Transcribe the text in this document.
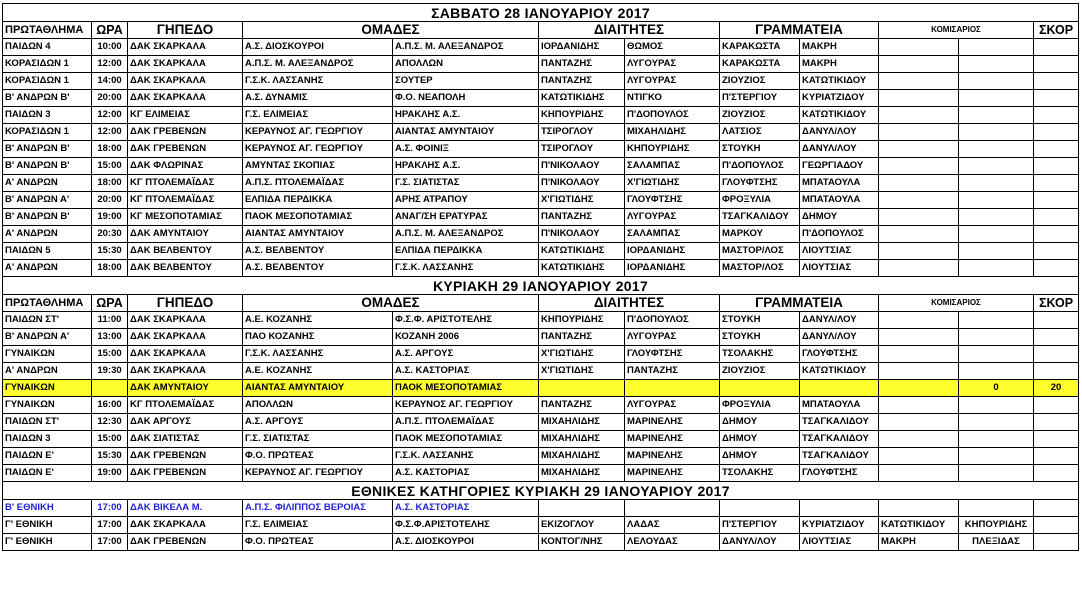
ΣΑΒΒΑΤΟ 28 ΙΑΝΟΥΑΡΙΟΥ 2017											
ΠΡΩΤΑΘΛΗΜΑ	ΩΡΑ	ΓΗΠΕΔΟ	ΟΜΑΔΕΣ		ΔΙΑΙΤΗΤΕΣ		ΓΡΑΜΜΑΤΕΙΑ		ΚΟΜΙΣΑΡΙΟΣ		ΣΚΟΡ
ΠΑΙΔΩΝ 4	10:00	ΔΑΚ ΣΚΑΡΚΑΛΑ	Α.Σ. ΔΙΟΣΚΟΥΡΟΙ	Α.Π.Σ. Μ. ΑΛΕΞΑΝΔΡΟΣ	ΙΟΡΔΑΝΙΔΗΣ	ΘΩΜΟΣ	ΚΑΡΑΚΩΣΤΑ	ΜΑΚΡΗ			
ΚΟΡΑΣΙΔΩΝ 1	12:00	ΔΑΚ ΣΚΑΡΚΑΛΑ	Α.Π.Σ. Μ. ΑΛΕΞΑΝΔΡΟΣ	ΑΠΟΛΛΩΝ	ΠΑΝΤΑΖΗΣ	ΛΥΓΟΥΡΑΣ	ΚΑΡΑΚΩΣΤΑ	ΜΑΚΡΗ			
ΚΟΡΑΣΙΔΩΝ 1	14:00	ΔΑΚ ΣΚΑΡΚΑΛΑ	Γ.Σ.Κ. ΛΑΣΣΑΝΗΣ	ΣΟΥΤΕΡ	ΠΑΝΤΑΖΗΣ	ΛΥΓΟΥΡΑΣ	ΖΙΟΥΖΙΟΣ	ΚΑΤΩΤΙΚΙΔΟΥ			
Β' ΑΝΔΡΩΝ Β'	20:00	ΔΑΚ ΣΚΑΡΚΑΛΑ	Α.Σ. ΔΥΝΑΜΙΣ	Φ.Ο. ΝΕΑΠΟΛΗ	ΚΑΤΩΤΙΚΙΔΗΣ	ΝΤΙΓΚΟ	Π'ΣΤΕΡΓΙΟΥ	ΚΥΡΙΑΤΖΙΔΟΥ			
ΠΑΙΔΩΝ 3	12:00	ΚΓ ΕΛΙΜΕΙΑΣ	Γ.Σ. ΕΛΙΜΕΙΑΣ	ΗΡΑΚΛΗΣ Α.Σ.	ΚΗΠΟΥΡΙΔΗΣ	Π'ΔΟΠΟΥΛΟΣ	ΖΙΟΥΖΙΟΣ	ΚΑΤΩΤΙΚΙΔΟΥ			
ΚΟΡΑΣΙΔΩΝ 1	12:00	ΔΑΚ ΓΡΕΒΕΝΩΝ	ΚΕΡΑΥΝΟΣ ΑΓ. ΓΕΩΡΓΙΟΥ	ΑΙΑΝΤΑΣ ΑΜΥΝΤΑΙΟΥ	ΤΣΙΡΟΓΛΟΥ	ΜΙΧΑΗΛΙΔΗΣ	ΛΑΤΣΙΟΣ	ΔΑΝΥΛ/ΛΟΥ			
Β' ΑΝΔΡΩΝ Β'	18:00	ΔΑΚ ΓΡΕΒΕΝΩΝ	ΚΕΡΑΥΝΟΣ ΑΓ. ΓΕΩΡΓΙΟΥ	Α.Σ. ΦΟΙΝΙΞ	ΤΣΙΡΟΓΛΟΥ	ΚΗΠΟΥΡΙΔΗΣ	ΣΤΟΥΚΗ	ΔΑΝΥΛ/ΛΟΥ			
Β' ΑΝΔΡΩΝ Β'	15:00	ΔΑΚ ΦΛΩΡΙΝΑΣ	ΑΜΥΝΤΑΣ ΣΚΟΠΙΑΣ	ΗΡΑΚΛΗΣ Α.Σ.	Π'ΝΙΚΟΛΑΟΥ	ΣΑΛΑΜΠΑΣ	Π'ΔΟΠΟΥΛΟΣ	ΓΕΩΡΓΙΑΔΟΥ			
Α' ΑΝΔΡΩΝ	18:00	ΚΓ ΠΤΟΛΕΜΑΪΔΑΣ	Α.Π.Σ. ΠΤΟΛΕΜΑΪΔΑΣ	Γ.Σ. ΣΙΑΤΙΣΤΑΣ	Π'ΝΙΚΟΛΑΟΥ	Χ'ΓΙΩΤΙΔΗΣ	ΓΛΟΥΦΤΣΗΣ	ΜΠΑΤΑΟΥΛΑ			
Β' ΑΝΔΡΩΝ Α'	20:00	ΚΓ ΠΤΟΛΕΜΑΪΔΑΣ	ΕΛΠΙΔΑ ΠΕΡΔΙΚΚΑ	ΑΡΗΣ ΑΤΡΑΠΟΥ	Χ'ΓΙΩΤΙΔΗΣ	ΓΛΟΥΦΤΣΗΣ	ΦΡΟΞΥΛΙΑ	ΜΠΑΤΑΟΥΛΑ			
Β' ΑΝΔΡΩΝ Β'	19:00	ΚΓ ΜΕΣΟΠΟΤΑΜΙΑΣ	ΠΑΟΚ ΜΕΣΟΠΟΤΑΜΙΑΣ	ΑΝΑΓ/ΣΗ ΕΡΑΤΥΡΑΣ	ΠΑΝΤΑΖΗΣ	ΛΥΓΟΥΡΑΣ	ΤΣΑΓΚΑΛΙΔΟΥ	ΔΗΜΟΥ			
Α' ΑΝΔΡΩΝ	20:30	ΔΑΚ ΑΜΥΝΤΑΙΟΥ	ΑΙΑΝΤΑΣ ΑΜΥΝΤΑΙΟΥ	Α.Π.Σ. Μ. ΑΛΕΞΑΝΔΡΟΣ	Π'ΝΙΚΟΛΑΟΥ	ΣΑΛΑΜΠΑΣ	ΜΑΡΚΟΥ	Π'ΔΟΠΟΥΛΟΣ			
ΠΑΙΔΩΝ 5	15:30	ΔΑΚ ΒΕΛΒΕΝΤΟΥ	Α.Σ. ΒΕΛΒΕΝΤΟΥ	ΕΛΠΙΔΑ ΠΕΡΔΙΚΚΑ	ΚΑΤΩΤΙΚΙΔΗΣ	ΙΟΡΔΑΝΙΔΗΣ	ΜΑΣΤΟΡ/ΛΟΣ	ΛΙΟΥΤΣΙΑΣ			
Α' ΑΝΔΡΩΝ	18:00	ΔΑΚ ΒΕΛΒΕΝΤΟΥ	Α.Σ. ΒΕΛΒΕΝΤΟΥ	Γ.Σ.Κ. ΛΑΣΣΑΝΗΣ	ΚΑΤΩΤΙΚΙΔΗΣ	ΙΟΡΔΑΝΙΔΗΣ	ΜΑΣΤΟΡ/ΛΟΣ	ΛΙΟΥΤΣΙΑΣ			
ΚΥΡΙΑΚΗ 29 ΙΑΝΟΥΑΡΙΟΥ 2017											
ΠΡΩΤΑΘΛΗΜΑ	ΩΡΑ	ΓΗΠΕΔΟ	ΟΜΑΔΕΣ		ΔΙΑΙΤΗΤΕΣ		ΓΡΑΜΜΑΤΕΙΑ		ΚΟΜΙΣΑΡΙΟΣ		ΣΚΟΡ
ΠΑΙΔΩΝ ΣΤ'	11:00	ΔΑΚ ΣΚΑΡΚΑΛΑ	Α.Ε. ΚΟΖΑΝΗΣ	Φ.Σ.Φ. ΑΡΙΣΤΟΤΕΛΗΣ	ΚΗΠΟΥΡΙΔΗΣ	Π'ΔΟΠΟΥΛΟΣ	ΣΤΟΥΚΗ	ΔΑΝΥΛ/ΛΟΥ			
Β' ΑΝΔΡΩΝ Α'	13:00	ΔΑΚ ΣΚΑΡΚΑΛΑ	ΠΑΟ ΚΟΖΑΝΗΣ	ΚΟΖΑΝΗ 2006	ΠΑΝΤΑΖΗΣ	ΛΥΓΟΥΡΑΣ	ΣΤΟΥΚΗ	ΔΑΝΥΛ/ΛΟΥ			
ΓΥΝΑΙΚΩΝ	15:00	ΔΑΚ ΣΚΑΡΚΑΛΑ	Γ.Σ.Κ. ΛΑΣΣΑΝΗΣ	Α.Σ. ΑΡΓΟΥΣ	Χ'ΓΙΩΤΙΔΗΣ	ΓΛΟΥΦΤΣΗΣ	ΤΣΟΛΑΚΗΣ	ΓΛΟΥΦΤΣΗΣ			
Α' ΑΝΔΡΩΝ	19:30	ΔΑΚ ΣΚΑΡΚΑΛΑ	Α.Ε. ΚΟΖΑΝΗΣ	Α.Σ. ΚΑΣΤΟΡΙΑΣ	Χ'ΓΙΩΤΙΔΗΣ	ΠΑΝΤΑΖΗΣ	ΖΙΟΥΖΙΟΣ	ΚΑΤΩΤΙΚΙΔΟΥ			
ΓΥΝΑΙΚΩΝ		ΔΑΚ ΑΜΥΝΤΑΙΟΥ	ΑΙΑΝΤΑΣ ΑΜΥΝΤΑΙΟΥ	ΠΑΟΚ ΜΕΣΟΠΟΤΑΜΙΑΣ						0	20
ΓΥΝΑΙΚΩΝ	16:00	ΚΓ ΠΤΟΛΕΜΑΪΔΑΣ	ΑΠΟΛΛΩΝ	ΚΕΡΑΥΝΟΣ ΑΓ. ΓΕΩΡΓΙΟΥ	ΠΑΝΤΑΖΗΣ	ΛΥΓΟΥΡΑΣ	ΦΡΟΞΥΛΙΑ	ΜΠΑΤΑΟΥΛΑ			
ΠΑΙΔΩΝ ΣΤ'	12:30	ΔΑΚ ΑΡΓΟΥΣ	Α.Σ. ΑΡΓΟΥΣ	Α.Π.Σ. ΠΤΟΛΕΜΑΪΔΑΣ	ΜΙΧΑΗΛΙΔΗΣ	ΜΑΡΙΝΕΛΗΣ	ΔΗΜΟΥ	ΤΣΑΓΚΑΛΙΔΟΥ			
ΠΑΙΔΩΝ 3	15:00	ΔΑΚ ΣΙΑΤΙΣΤΑΣ	Γ.Σ. ΣΙΑΤΙΣΤΑΣ	ΠΑΟΚ ΜΕΣΟΠΟΤΑΜΙΑΣ	ΜΙΧΑΗΛΙΔΗΣ	ΜΑΡΙΝΕΛΗΣ	ΔΗΜΟΥ	ΤΣΑΓΚΑΛΙΔΟΥ			
ΠΑΙΔΩΝ Ε'	15:30	ΔΑΚ ΓΡΕΒΕΝΩΝ	Φ.Ο. ΠΡΩΤΕΑΣ	Γ.Σ.Κ. ΛΑΣΣΑΝΗΣ	ΜΙΧΑΗΛΙΔΗΣ	ΜΑΡΙΝΕΛΗΣ	ΔΗΜΟΥ	ΤΣΑΓΚΑΛΙΔΟΥ			
ΠΑΙΔΩΝ Ε'	19:00	ΔΑΚ ΓΡΕΒΕΝΩΝ	ΚΕΡΑΥΝΟΣ ΑΓ. ΓΕΩΡΓΙΟΥ	Α.Σ. ΚΑΣΤΟΡΙΑΣ	ΜΙΧΑΗΛΙΔΗΣ	ΜΑΡΙΝΕΛΗΣ	ΤΣΟΛΑΚΗΣ	ΓΛΟΥΦΤΣΗΣ			
ΕΘΝΙΚΕΣ ΚΑΤΗΓΟΡΙΕΣ ΚΥΡΙΑΚΗ 29 ΙΑΝΟΥΑΡΙΟΥ 2017											
Β' ΕΘΝΙΚΗ	17:00	ΔΑΚ ΒΙΚΕΛΑ Μ.	Α.Π.Σ. ΦΙΛΙΠΠΟΣ ΒΕΡΟΙΑΣ	Α.Σ. ΚΑΣΤΟΡΙΑΣ							
Γ' ΕΘΝΙΚΗ	17:00	ΔΑΚ ΣΚΑΡΚΑΛΑ	Γ.Σ. ΕΛΙΜΕΙΑΣ	Φ.Σ.Φ.ΑΡΙΣΤΟΤΕΛΗΣ	ΕΚΙΖΟΓΛΟΥ	ΛΑΔΑΣ	Π'ΣΤΕΡΓΙΟΥ	ΚΥΡΙΑΤΖΙΔΟΥ	ΚΑΤΩΤΙΚΙΔΟΥ	ΚΗΠΟΥΡΙΔΗΣ	
Γ' ΕΘΝΙΚΗ	17:00	ΔΑΚ ΓΡΕΒΕΝΩΝ	Φ.Ο. ΠΡΩΤΕΑΣ	Α.Σ. ΔΙΟΣΚΟΥΡΟΙ	ΚΟΝΤΟΓ/ΝΗΣ	ΛΕΛΟΥΔΑΣ	ΔΑΝΥΛ/ΛΟΥ	ΛΙΟΥΤΣΙΑΣ	ΜΑΚΡΗ	ΠΛΕΞΙΔΑΣ	
